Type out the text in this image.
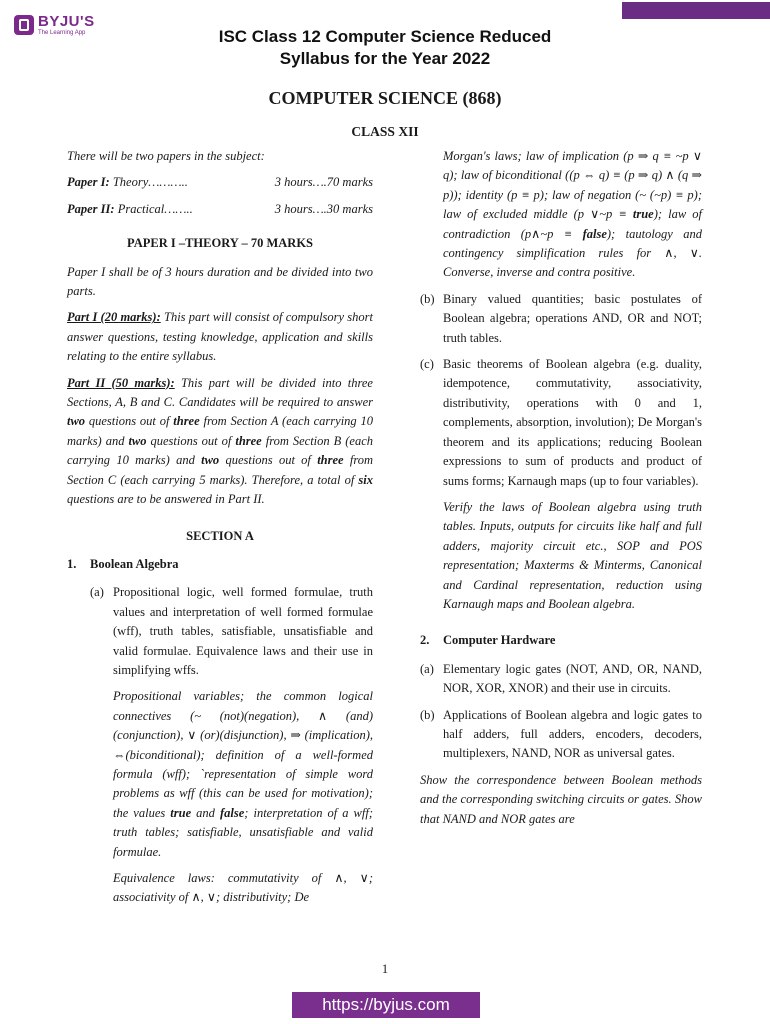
BYJU'S
The Learning App	ISC Class 12 Computer Science Reduced
Syllabus for the Year 2022
COMPUTER SCIENCE (868)
CLASS XII

There will be two papers in the subject:

Paper I: Theory………..	3 hours….70 marks
Paper II: Practical……..	3 hours….30 marks

PAPER I –THEORY – 70 MARKS

Paper I shall be of 3 hours duration and be divided into two parts.

Part I (20 marks): This part will consist of compulsory short answer questions, testing knowledge, application and skills relating to the entire syllabus.

Part II (50 marks): This part will be divided into three Sections, A, B and C. Candidates will be required to answer two questions out of three from Section A (each carrying 10 marks) and two questions out of three from Section B (each carrying 10 marks) and two questions out of three from Section C (each carrying 5 marks). Therefore, a total of six questions are to be answered in Part II.

SECTION A

1.	Boolean Algebra
(a) Propositional logic, well formed formulae, truth values and interpretation of well formed formulae (wff), truth tables, satisfiable, unsatisfiable and valid formulae. Equivalence laws and their use in simplifying wffs.

Propositional variables; the common logical connectives (~ (not)(negation), ∧ (and)(conjunction), ∨ (or)(disjunction), ⇒ (implication), ⇔(biconditional); definition of a well-formed formula (wff); `representation of simple word problems as wff (this can be used for motivation); the values true and false; interpretation of a wff; truth tables; satisfiable, unsatisfiable and valid formulae.

Equivalence laws: commutativity of ∧, ∨; associativity of ∧, ∨; distributivity; De

Morgan's laws; law of implication (p ⇒ q ≡ ~p ∨ q); law of biconditional ((p ⇔ q) ≡ (p ⇒ q) ∧ (q ⇒ p)); identity (p ≡ p); law of negation (~ (~p) ≡ p); law of excluded middle (p ∨~p ≡ true); law of contradiction (p∧~p ≡ false); tautology and contingency simplification rules for ∧, ∨. Converse, inverse and contra positive.

(b) Binary valued quantities; basic postulates of Boolean algebra; operations AND, OR and NOT; truth tables.
(c) Basic theorems of Boolean algebra (e.g. duality, idempotence, commutativity, associativity, distributivity, operations with 0 and 1, complements, absorption, involution); De Morgan's theorem and its applications; reducing Boolean expressions to sum of products and product of sums forms; Karnaugh maps (up to four variables).

Verify the laws of Boolean algebra using truth tables. Inputs, outputs for circuits like half and full adders, majority circuit etc., SOP and POS representation; Maxterms & Minterms, Canonical and Cardinal representation, reduction using Karnaugh maps and Boolean algebra.

2.	Computer Hardware
(a) Elementary logic gates (NOT, AND, OR, NAND, NOR, XOR, XNOR) and their use in circuits.
(b) Applications of Boolean algebra and logic gates to half adders, full adders, encoders, decoders, multiplexers, NAND, NOR as universal gates.

Show the correspondence between Boolean methods and the corresponding switching circuits or gates. Show that NAND and NOR gates are

1
https://byjus.com
